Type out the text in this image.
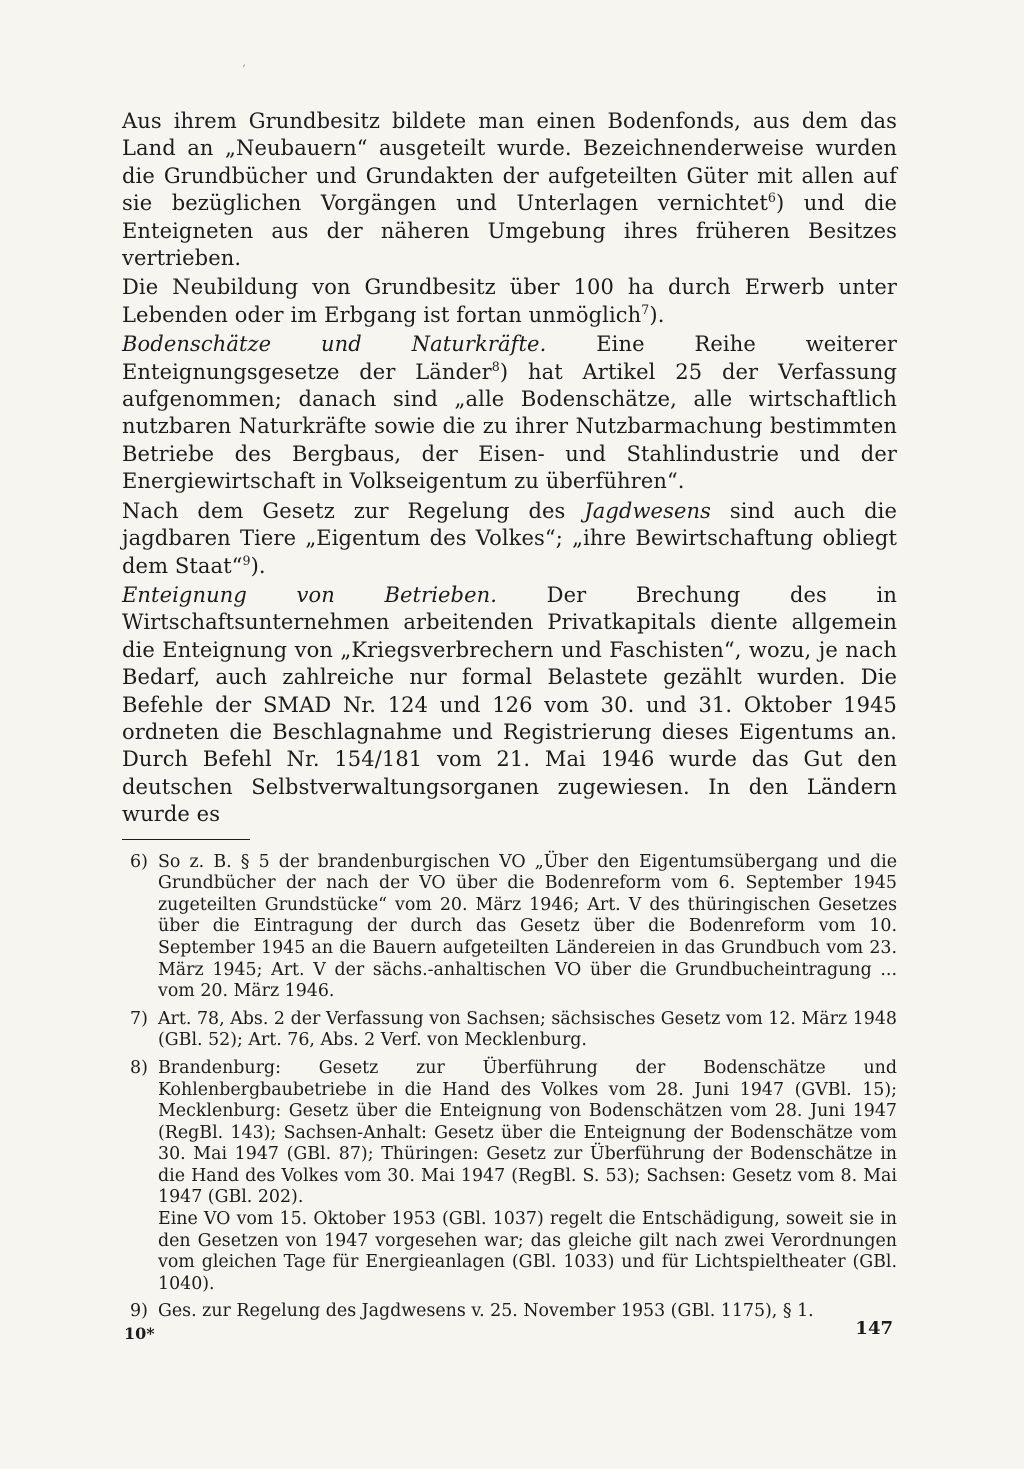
ʼ

Aus ihrem Grundbesitz bildete man einen Bodenfonds, aus dem das Land an „Neubauern“ ausgeteilt wurde. Bezeichnenderweise wurden die Grundbücher und Grundakten der aufgeteilten Güter mit allen auf sie bezüglichen Vorgängen und Unterlagen vernichtet$^6$) und die Enteigneten aus der näheren Umgebung ihres früheren Besitzes vertrieben.

Die Neubildung von Grundbesitz über 100 ha durch Erwerb unter Lebenden oder im Erbgang ist fortan unmöglich$^7$).

Bodenschätze und Naturkräfte. Eine Reihe weiterer Enteignungsgesetze der Länder$^8$) hat Artikel 25 der Verfassung aufgenommen; danach sind „alle Bodenschätze, alle wirtschaftlich nutzbaren Naturkräfte sowie die zu ihrer Nutzbarmachung bestimmten Betriebe des Bergbaus, der Eisen- und Stahlindustrie und der Energiewirtschaft in Volkseigentum zu überführen“.

Nach dem Gesetz zur Regelung des Jagdwesens sind auch die jagdbaren Tiere „Eigentum des Volkes“; „ihre Bewirtschaftung obliegt dem Staat“$^9$).

Enteignung von Betrieben. Der Brechung des in Wirtschaftsunternehmen arbeitenden Privatkapitals diente allgemein die Enteignung von „Kriegsverbrechern und Faschisten“, wozu, je nach Bedarf, auch zahlreiche nur formal Belastete gezählt wurden. Die Befehle der SMAD Nr. 124 und 126 vom 30. und 31. Oktober 1945 ordneten die Beschlagnahme und Registrierung dieses Eigentums an. Durch Befehl Nr. 154/181 vom 21. Mai 1946 wurde das Gut den deutschen Selbstverwaltungsorganen zugewiesen. In den Ländern wurde es

6) So z. B. § 5 der brandenburgischen VO „Über den Eigentumsübergang und die Grundbücher der nach der VO über die Bodenreform vom 6. September 1945 zugeteilten Grundstücke“ vom 20. März 1946; Art. V des thüringischen Gesetzes über die Eintragung der durch das Gesetz über die Bodenreform vom 10. September 1945 an die Bauern aufgeteilten Ländereien in das Grundbuch vom 23. März 1945; Art. V der sächs.-anhaltischen VO über die Grundbucheintragung ... vom 20. März 1946.
7) Art. 78, Abs. 2 der Verfassung von Sachsen; sächsisches Gesetz vom 12. März 1948 (GBl. 52); Art. 76, Abs. 2 Verf. von Mecklenburg.
8) Brandenburg: Gesetz zur Überführung der Bodenschätze und Kohlenbergbaubetriebe in die Hand des Volkes vom 28. Juni 1947 (GVBl. 15); Mecklenburg: Gesetz über die Enteignung von Bodenschätzen vom 28. Juni 1947 (RegBl. 143); Sachsen-Anhalt: Gesetz über die Enteignung der Bodenschätze vom 30. Mai 1947 (GBl. 87); Thüringen: Gesetz zur Überführung der Bodenschätze in die Hand des Volkes vom 30. Mai 1947 (RegBl. S. 53); Sachsen: Gesetz vom 8. Mai 1947 (GBl. 202).
Eine VO vom 15. Oktober 1953 (GBl. 1037) regelt die Entschädigung, soweit sie in den Gesetzen von 1947 vorgesehen war; das gleiche gilt nach zwei Verordnungen vom gleichen Tage für Energieanlagen (GBl. 1033) und für Lichtspieltheater (GBl. 1040).
9) Ges. zur Regelung des Jagdwesens v. 25. November 1953 (GBl. 1175), § 1.
10*	147
